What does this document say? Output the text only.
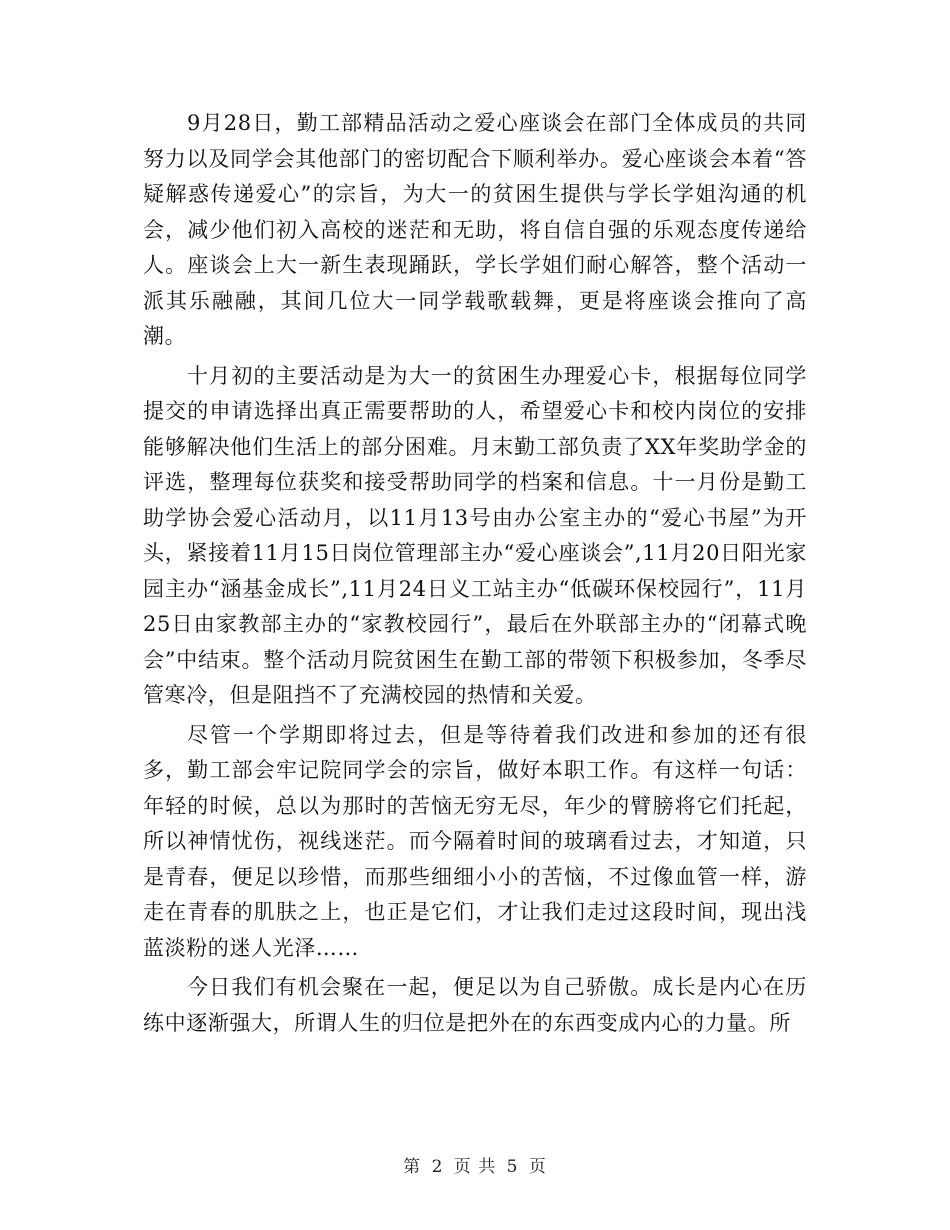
9月28日，勤工部精品活动之爱心座谈会在部门全体成员的共同努力以及同学会其他部门的密切配合下顺利举办。爱心座谈会本着“答疑解惑传递爱心”的宗旨，为大一的贫困生提供与学长学姐沟通的机会，减少他们初入高校的迷茫和无助，将自信自强的乐观态度传递给人。座谈会上大一新生表现踊跃，学长学姐们耐心解答，整个活动一派其乐融融，其间几位大一同学载歌载舞，更是将座谈会推向了高潮。

十月初的主要活动是为大一的贫困生办理爱心卡，根据每位同学提交的申请选择出真正需要帮助的人，希望爱心卡和校内岗位的安排能够解决他们生活上的部分困难。月末勤工部负责了XX年奖助学金的评选，整理每位获奖和接受帮助同学的档案和信息。十一月份是勤工助学协会爱心活动月，以11月13号由办公室主办的“爱心书屋”为开头，紧接着11月15日岗位管理部主办“爱心座谈会”,11月20日阳光家园主办“涵基金成长”,11月24日义工站主办“低碳环保校园行”，11月25日由家教部主办的“家教校园行”，最后在外联部主办的“闭幕式晚会”中结束。整个活动月院贫困生在勤工部的带领下积极参加，冬季尽管寒冷，但是阻挡不了充满校园的热情和关爱。

尽管一个学期即将过去，但是等待着我们改进和参加的还有很多，勤工部会牢记院同学会的宗旨，做好本职工作。有这样一句话：年轻的时候，总以为那时的苦恼无穷无尽，年少的臂膀将它们托起，所以神情忧伤，视线迷茫。而今隔着时间的玻璃看过去，才知道，只是青春，便足以珍惜，而那些细细小小的苦恼，不过像血管一样，游走在青春的肌肤之上，也正是它们，才让我们走过这段时间，现出浅蓝淡粉的迷人光泽……

今日我们有机会聚在一起，便足以为自己骄傲。成长是内心在历练中逐渐强大，所谓人生的归位是把外在的东西变成内心的力量。所

第 2 页 共 5 页
